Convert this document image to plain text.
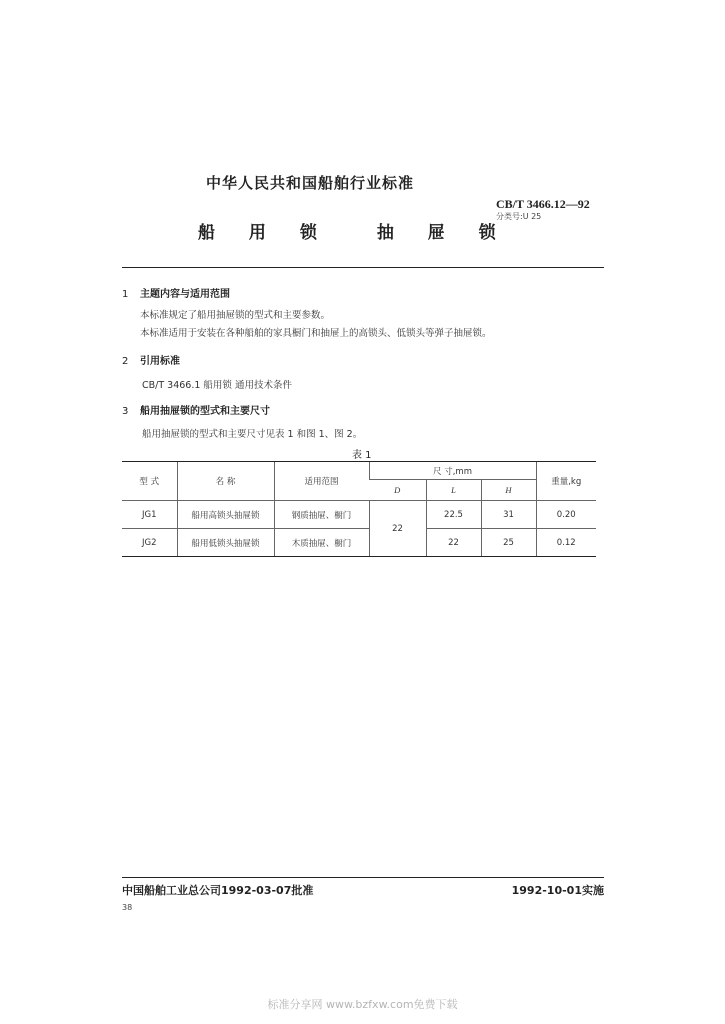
中华人民共和国船舶行业标准
CB/T 3466.12—92
分类号:U 25
船 用 锁	抽 屉 锁
1 主题内容与适用范围
本标准规定了船用抽屉锁的型式和主要参数。
本标准适用于安装在各种船舶的家具橱门和抽屉上的高锁头、低锁头等弹子抽屉锁。
2 引用标准
CB/T 3466.1 船用锁 通用技术条件
3 船用抽屉锁的型式和主要尺寸
船用抽屉锁的型式和主要尺寸见表 1 和图 1、图 2。
表 1
型 式	名 称	适用范围	尺 寸,mm			重量,kg
			D	L	H	
JG1	船用高锁头抽屉锁	钢质抽屉、橱门	22	22.5	31	0.20
JG2	船用低锁头抽屉锁	木质抽屉、橱门		22	25	0.12
中国船舶工业总公司1992-03-07批准	1992-10-01实施
38
标准分享网 www.bzfxw.com免费下载
